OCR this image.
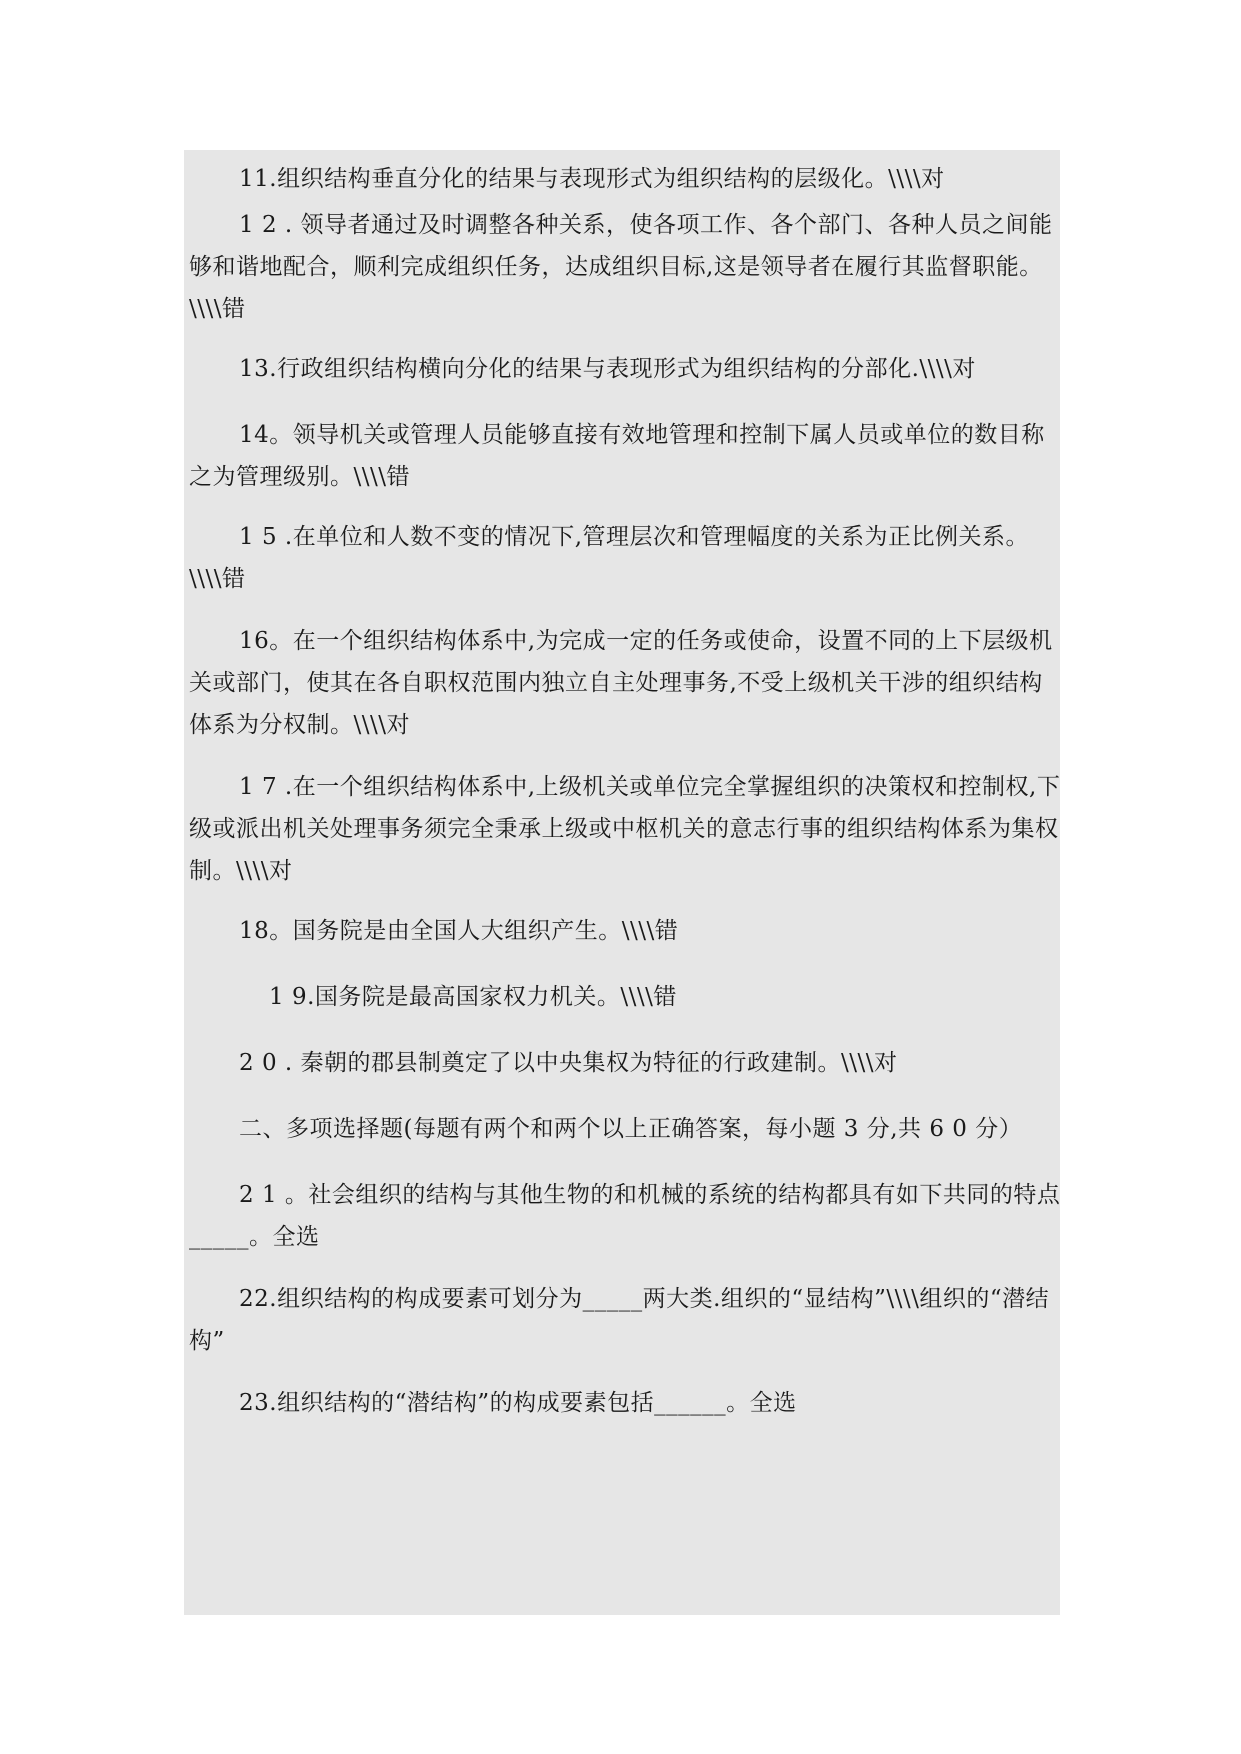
11.组织结构垂直分化的结果与表现形式为组织结构的层级化。\\\\对

1 2 . 领导者通过及时调整各种关系，使各项工作、各个部门、各种人员之间能够和谐地配合，顺利完成组织任务，达成组织目标,这是领导者在履行其监督职能。\\\\错

13.行政组织结构横向分化的结果与表现形式为组织结构的分部化.\\\\对

14。领导机关或管理人员能够直接有效地管理和控制下属人员或单位的数目称之为管理级别。\\\\错

1 5 .在单位和人数不变的情况下,管理层次和管理幅度的关系为正比例关系。\\\\错

16。在一个组织结构体系中,为完成一定的任务或使命，设置不同的上下层级机关或部门，使其在各自职权范围内独立自主处理事务,不受上级机关干涉的组织结构体系为分权制。\\\\对

1 7 .在一个组织结构体系中,上级机关或单位完全掌握组织的决策权和控制权,下级或派出机关处理事务须完全秉承上级或中枢机关的意志行事的组织结构体系为集权制。\\\\对

18。国务院是由全国人大组织产生。\\\\错

1 9.国务院是最高国家权力机关。\\\\错

2 0 . 秦朝的郡县制奠定了以中央集权为特征的行政建制。\\\\对

二、多项选择题(每题有两个和两个以上正确答案，每小题 3 分,共 6 0 分）

2 1 。社会组织的结构与其他生物的和机械的系统的结构都具有如下共同的特点_____。全选

22.组织结构的构成要素可划分为_____两大类.组织的“显结构”\\\\组织的“潜结构”

23.组织结构的“潜结构”的构成要素包括______。全选
